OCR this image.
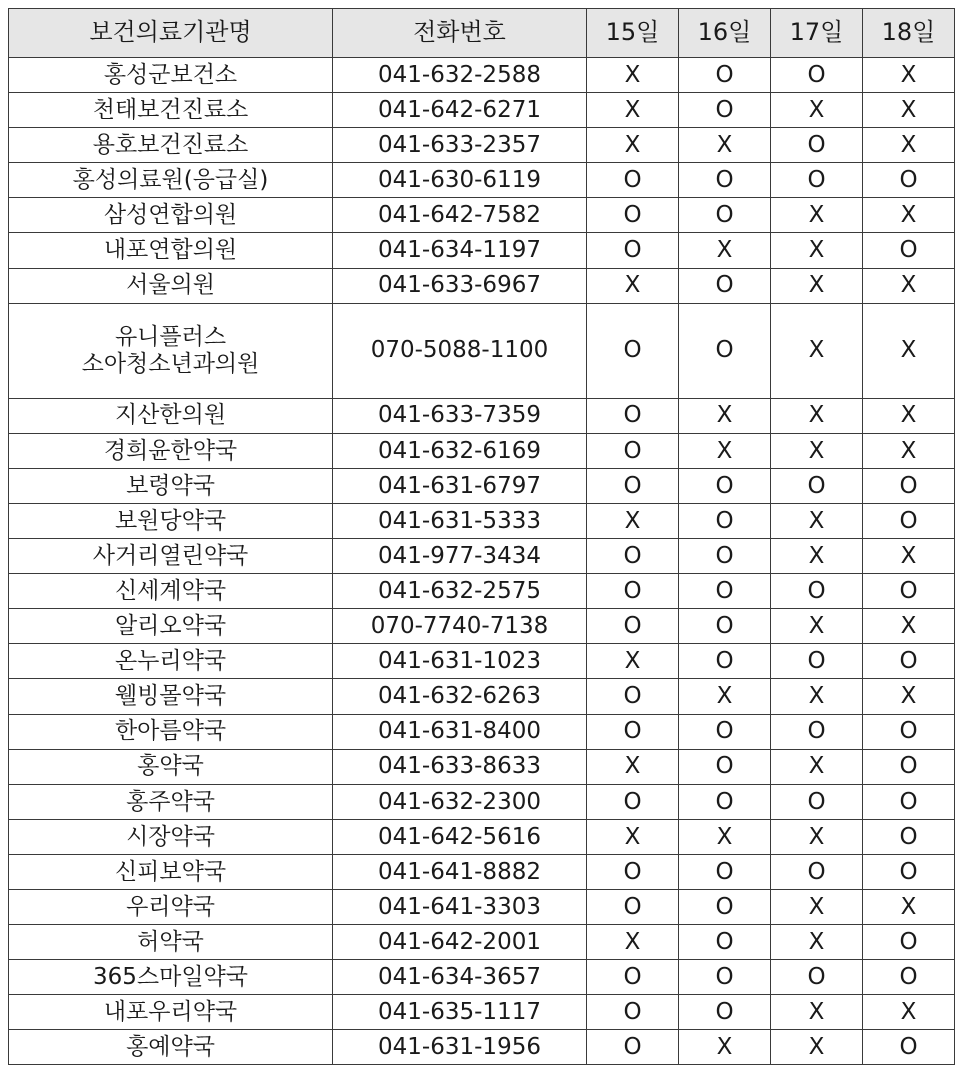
보건의료기관명	전화번호	15일	16일	17일	18일

홍성군보건소	041-632-2588	X	O	O	X

천태보건진료소	041-642-6271	X	O	X	X

용호보건진료소	041-633-2357	X	X	O	X

홍성의료원(응급실)	041-630-6119	O	O	O	O

삼성연합의원	041-642-7582	O	O	X	X

내포연합의원	041-634-1197	O	X	X	O

서울의원	041-633-6967	X	O	X	X

유니플러스
소아청소년과의원	070-5088-1100	O	O	X	X

지산한의원	041-633-7359	O	X	X	X

경희윤한약국	041-632-6169	O	X	X	X

보령약국	041-631-6797	O	O	O	O

보원당약국	041-631-5333	X	O	X	O

사거리열린약국	041-977-3434	O	O	X	X

신세계약국	041-632-2575	O	O	O	O

알리오약국	070-7740-7138	O	O	X	X

온누리약국	041-631-1023	X	O	O	O

웰빙몰약국	041-632-6263	O	X	X	X

한아름약국	041-631-8400	O	O	O	O

홍약국	041-633-8633	X	O	X	O

홍주약국	041-632-2300	O	O	O	O

시장약국	041-642-5616	X	X	X	O

신피보약국	041-641-8882	O	O	O	O

우리약국	041-641-3303	O	O	X	X

허약국	041-642-2001	X	O	X	O

365스마일약국	041-634-3657	O	O	O	O

내포우리약국	041-635-1117	O	O	X	X

홍예약국	041-631-1956	O	X	X	O
